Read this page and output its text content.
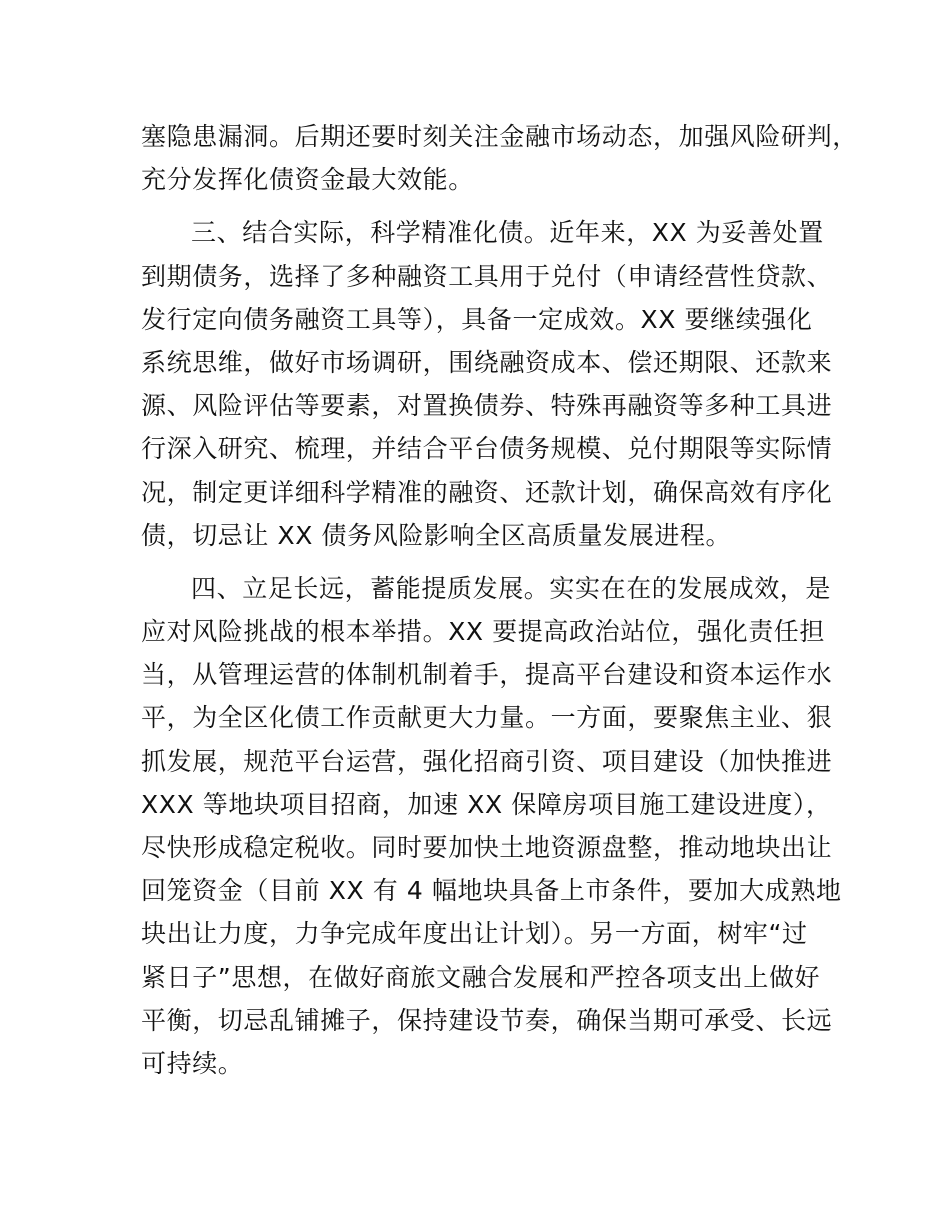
塞隐患漏洞。后期还要时刻关注金融市场动态，加强风险研判，
充分发挥化债资金最大效能。
三、结合实际，科学精准化债。近年来，XX 为妥善处置
到期债务，选择了多种融资工具用于兑付（申请经营性贷款、
发行定向债务融资工具等），具备一定成效。XX 要继续强化
系统思维，做好市场调研，围绕融资成本、偿还期限、还款来
源、风险评估等要素，对置换债券、特殊再融资等多种工具进
行深入研究、梳理，并结合平台债务规模、兑付期限等实际情
况，制定更详细科学精准的融资、还款计划，确保高效有序化
债，切忌让 XX 债务风险影响全区高质量发展进程。
四、立足长远，蓄能提质发展。实实在在的发展成效，是
应对风险挑战的根本举措。XX 要提高政治站位，强化责任担
当，从管理运营的体制机制着手，提高平台建设和资本运作水
平，为全区化债工作贡献更大力量。一方面，要聚焦主业、狠
抓发展，规范平台运营，强化招商引资、项目建设（加快推进
XXX 等地块项目招商，加速 XX 保障房项目施工建设进度），
尽快形成稳定税收。同时要加快土地资源盘整，推动地块出让
回笼资金（目前 XX 有 4 幅地块具备上市条件，要加大成熟地
块出让力度，力争完成年度出让计划）。另一方面，树牢“过
紧日子”思想，在做好商旅文融合发展和严控各项支出上做好
平衡，切忌乱铺摊子，保持建设节奏，确保当期可承受、长远
可持续。
